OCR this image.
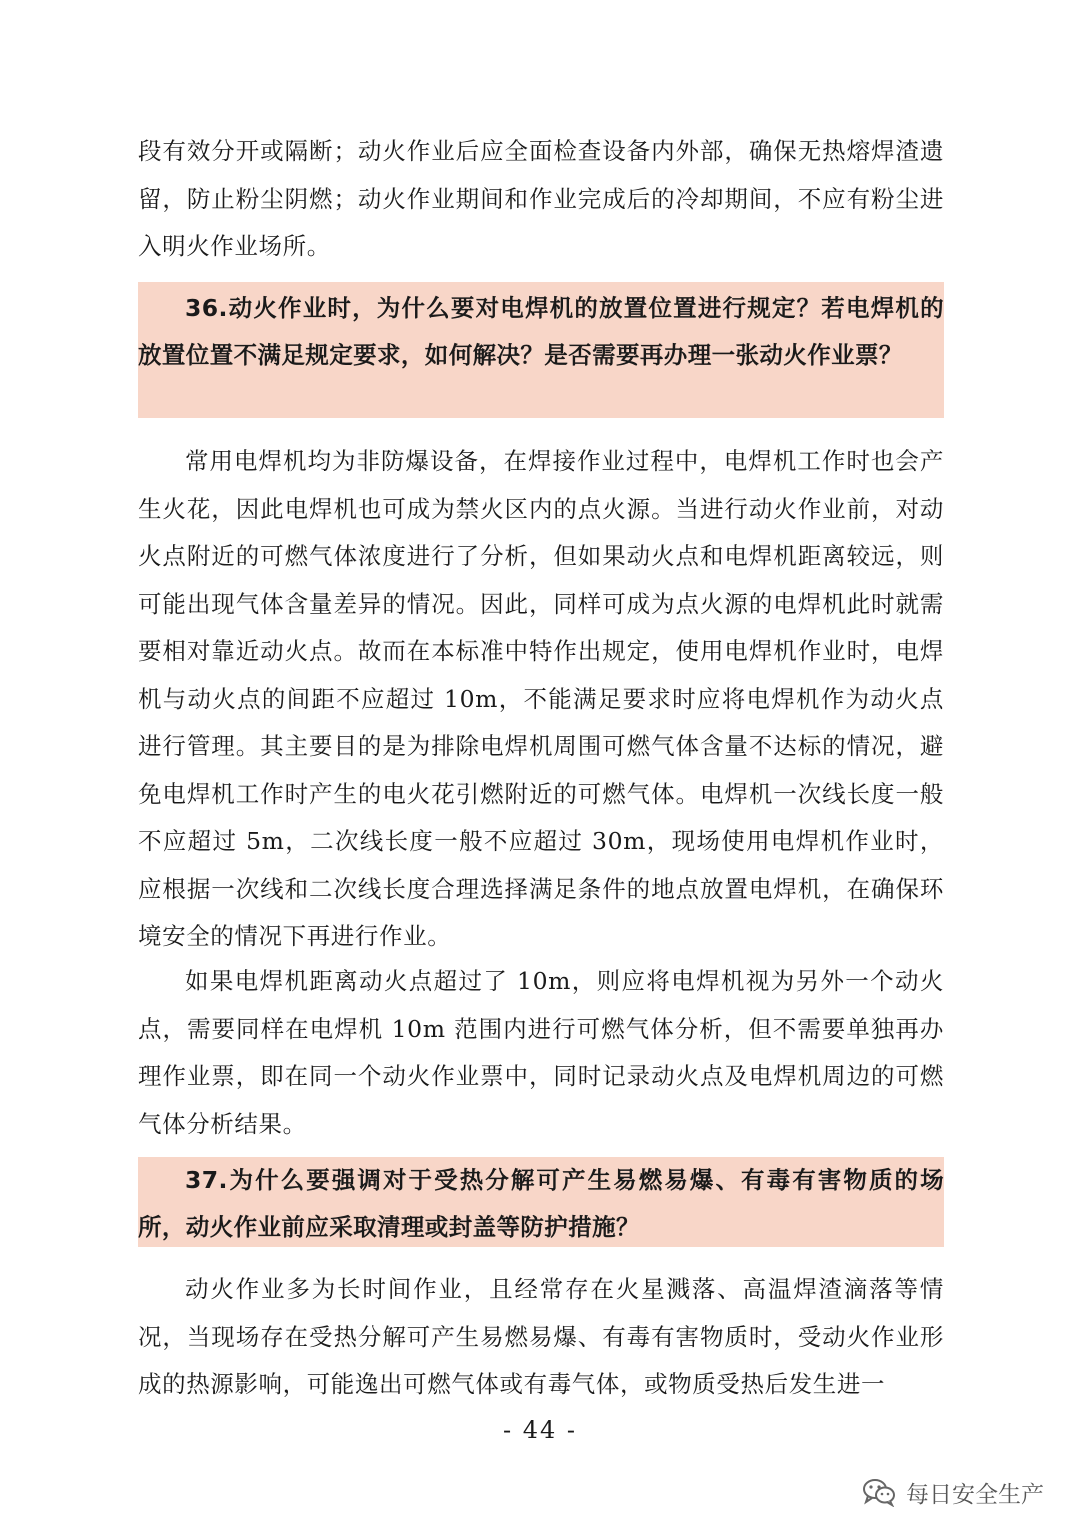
段有效分开或隔断；动火作业后应全面检查设备内外部，确保无热熔焊渣遗留，防止粉尘阴燃；动火作业期间和作业完成后的冷却期间，不应有粉尘进入明火作业场所。
36.动火作业时，为什么要对电焊机的放置位置进行规定？若电焊机的放置位置不满足规定要求，如何解决？是否需要再办理一张动火作业票？
常用电焊机均为非防爆设备，在焊接作业过程中，电焊机工作时也会产生火花，因此电焊机也可成为禁火区内的点火源。当进行动火作业前，对动火点附近的可燃气体浓度进行了分析，但如果动火点和电焊机距离较远，则可能出现气体含量差异的情况。因此，同样可成为点火源的电焊机此时就需要相对靠近动火点。故而在本标准中特作出规定，使用电焊机作业时，电焊机与动火点的间距不应超过 10m，不能满足要求时应将电焊机作为动火点进行管理。其主要目的是为排除电焊机周围可燃气体含量不达标的情况，避免电焊机工作时产生的电火花引燃附近的可燃气体。电焊机一次线长度一般不应超过 5m，二次线长度一般不应超过 30m，现场使用电焊机作业时，应根据一次线和二次线长度合理选择满足条件的地点放置电焊机，在确保环境安全的情况下再进行作业。
如果电焊机距离动火点超过了 10m，则应将电焊机视为另外一个动火点，需要同样在电焊机 10m 范围内进行可燃气体分析，但不需要单独再办理作业票，即在同一个动火作业票中，同时记录动火点及电焊机周边的可燃气体分析结果。
37.为什么要强调对于受热分解可产生易燃易爆、有毒有害物质的场所，动火作业前应采取清理或封盖等防护措施？
动火作业多为长时间作业，且经常存在火星溅落、高温焊渣滴落等情况，当现场存在受热分解可产生易燃易爆、有毒有害物质时，受动火作业形成的热源影响，可能逸出可燃气体或有毒气体，或物质受热后发生进一
- 44 -
每日安全生产
